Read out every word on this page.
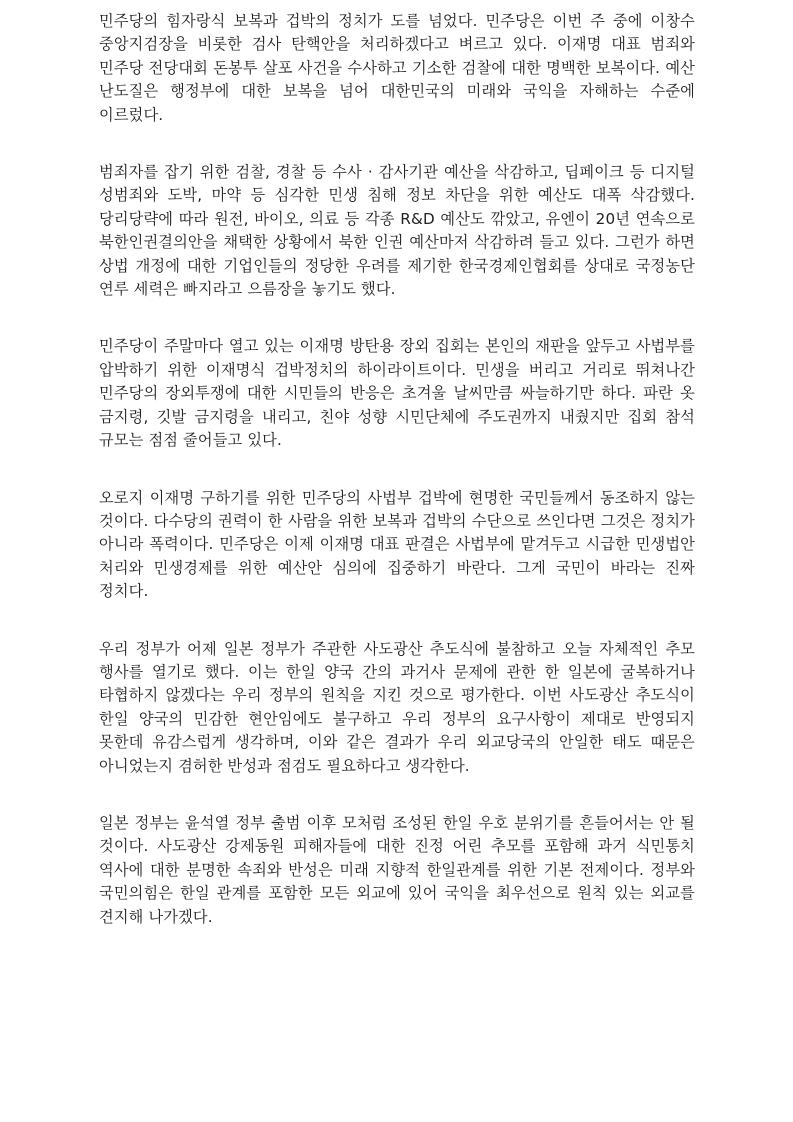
민주당의 힘자랑식 보복과 겁박의 정치가 도를 넘었다. 민주당은 이번 주 중에 이창수 중앙지검장을 비롯한 검사 탄핵안을 처리하겠다고 벼르고 있다. 이재명 대표 범죄와 민주당 전당대회 돈봉투 살포 사건을 수사하고 기소한 검찰에 대한 명백한 보복이다. 예산 난도질은 행정부에 대한 보복을 넘어 대한민국의 미래와 국익을 자해하는 수준에 이르렀다.

범죄자를 잡기 위한 검찰, 경찰 등 수사 · 감사기관 예산을 삭감하고, 딥페이크 등 디지털 성범죄와 도박, 마약 등 심각한 민생 침해 정보 차단을 위한 예산도 대폭 삭감했다. 당리당략에 따라 원전, 바이오, 의료 등 각종 R&D 예산도 깎았고, 유엔이 20년 연속으로 북한인권결의안을 채택한 상황에서 북한 인권 예산마저 삭감하려 들고 있다. 그런가 하면 상법 개정에 대한 기업인들의 정당한 우려를 제기한 한국경제인협회를 상대로 국정농단 연루 세력은 빠지라고 으름장을 놓기도 했다.

민주당이 주말마다 열고 있는 이재명 방탄용 장외 집회는 본인의 재판을 앞두고 사법부를 압박하기 위한 이재명식 겁박정치의 하이라이트이다. 민생을 버리고 거리로 뛰쳐나간 민주당의 장외투쟁에 대한 시민들의 반응은 초겨울 날씨만큼 싸늘하기만 하다. 파란 옷 금지령, 깃발 금지령을 내리고, 친야 성향 시민단체에 주도권까지 내줬지만 집회 참석 규모는 점점 줄어들고 있다.

오로지 이재명 구하기를 위한 민주당의 사법부 겁박에 현명한 국민들께서 동조하지 않는 것이다. 다수당의 권력이 한 사람을 위한 보복과 겁박의 수단으로 쓰인다면 그것은 정치가 아니라 폭력이다. 민주당은 이제 이재명 대표 판결은 사법부에 맡겨두고 시급한 민생법안 처리와 민생경제를 위한 예산안 심의에 집중하기 바란다. 그게 국민이 바라는 진짜 정치다.

우리 정부가 어제 일본 정부가 주관한 사도광산 추도식에 불참하고 오늘 자체적인 추모 행사를 열기로 했다. 이는 한일 양국 간의 과거사 문제에 관한 한 일본에 굴복하거나 타협하지 않겠다는 우리 정부의 원칙을 지킨 것으로 평가한다. 이번 사도광산 추도식이 한일 양국의 민감한 현안임에도 불구하고 우리 정부의 요구사항이 제대로 반영되지 못한데 유감스럽게 생각하며, 이와 같은 결과가 우리 외교당국의 안일한 태도 때문은 아니었는지 겸허한 반성과 점검도 필요하다고 생각한다.

일본 정부는 윤석열 정부 출범 이후 모처럼 조성된 한일 우호 분위기를 흔들어서는 안 될 것이다. 사도광산 강제동원 피해자들에 대한 진정 어린 추모를 포함해 과거 식민통치 역사에 대한 분명한 속죄와 반성은 미래 지향적 한일관계를 위한 기본 전제이다. 정부와 국민의힘은 한일 관계를 포함한 모든 외교에 있어 국익을 최우선으로 원칙 있는 외교를 견지해 나가겠다.
